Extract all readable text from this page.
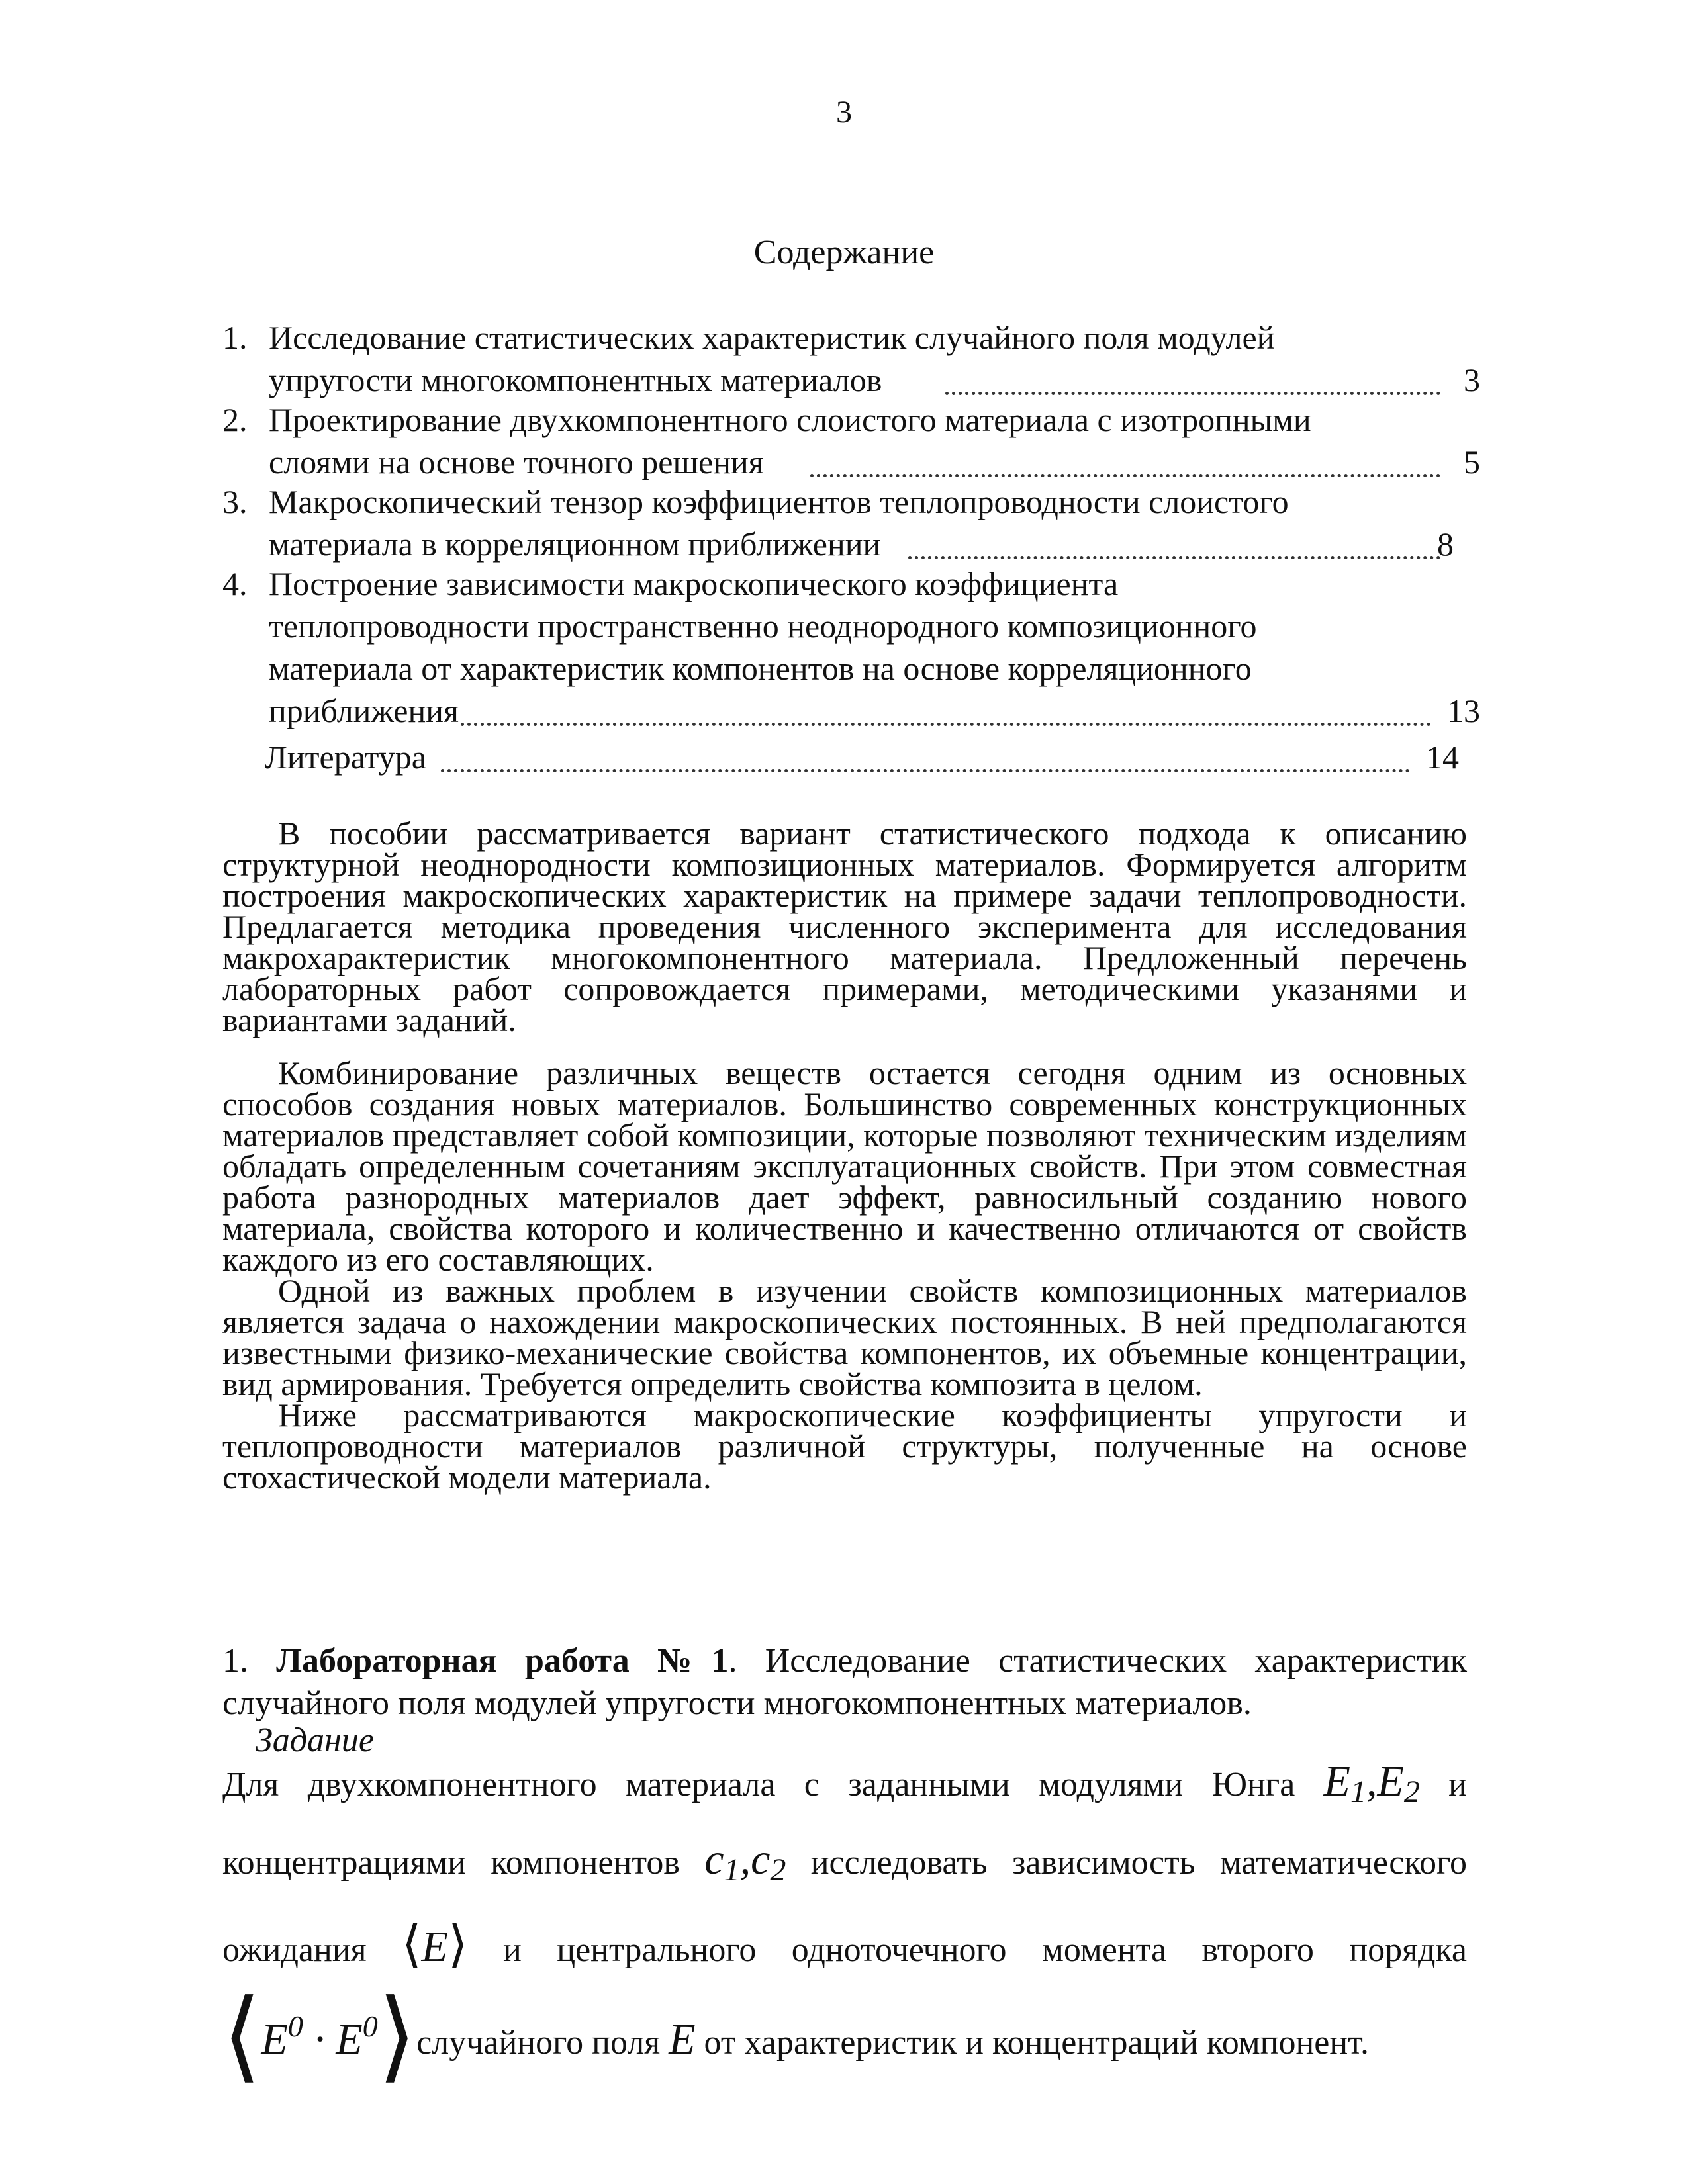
3
Содержание
1. Исследование статистических характеристик случайного поля модулей
упругости многокомпонентных материалов	3
2. Проектирование двухкомпонентного слоистого материала с изотропными
слоями на основе точного решения	5
3. Макроскопический тензор коэффициентов теплопроводности слоистого
материала в корреляционном приближении	8
4. Построение зависимости макроскопического коэффициента
теплопроводности пространственно неоднородного композиционного
материала от характеристик компонентов на основе корреляционного
приближения	13
Литература	14

В пособии рассматривается вариант статистического подхода к описанию структурной неоднородности композиционных материалов. Формируется алгоритм построения макроскопических характеристик на примере задачи теплопроводности. Предлагается методика проведения численного эксперимента для исследования макрохарактеристик многокомпонентного материала. Предложенный перечень лабораторных работ сопровождается примерами, методическими указанями и вариантами заданий.

Комбинирование различных веществ остается сегодня одним из основных способов создания новых материалов. Большинство современных конструкционных материалов представляет собой композиции, которые позволяют техническим изделиям обладать определенным сочетаниям эксплуатационных свойств. При этом совместная работа разнородных материалов дает эффект, равносильный созданию нового материала, свойства которого и количественно и качественно отличаются от свойств каждого из его составляющих.

Одной из важных проблем в изучении свойств композиционных материалов является задача о нахождении макроскопических постоянных. В ней предполагаются известными физико-механические свойства компонентов, их объемные концентрации, вид армирования. Требуется определить свойства композита в целом.

Ниже рассматриваются макроскопические коэффициенты упругости и теплопроводности материалов различной структуры, полученные на основе стохастической модели материала.

1. Лабораторная работа №1. Исследование статистических характеристик случайного поля модулей упругости многокомпонентных материалов.
Задание
Для двухкомпонентного материала с заданными модулями Юнга $E_1,E_2$ и
концентрациями компонентов $c_1,c_2$ исследовать зависимость математического
ожидания ⟨E⟩ и центрального одноточечного момента второго порядка
$⟨E^0$ · $E^0⟩случайного$ поля E от характеристик и концентраций компонент.
